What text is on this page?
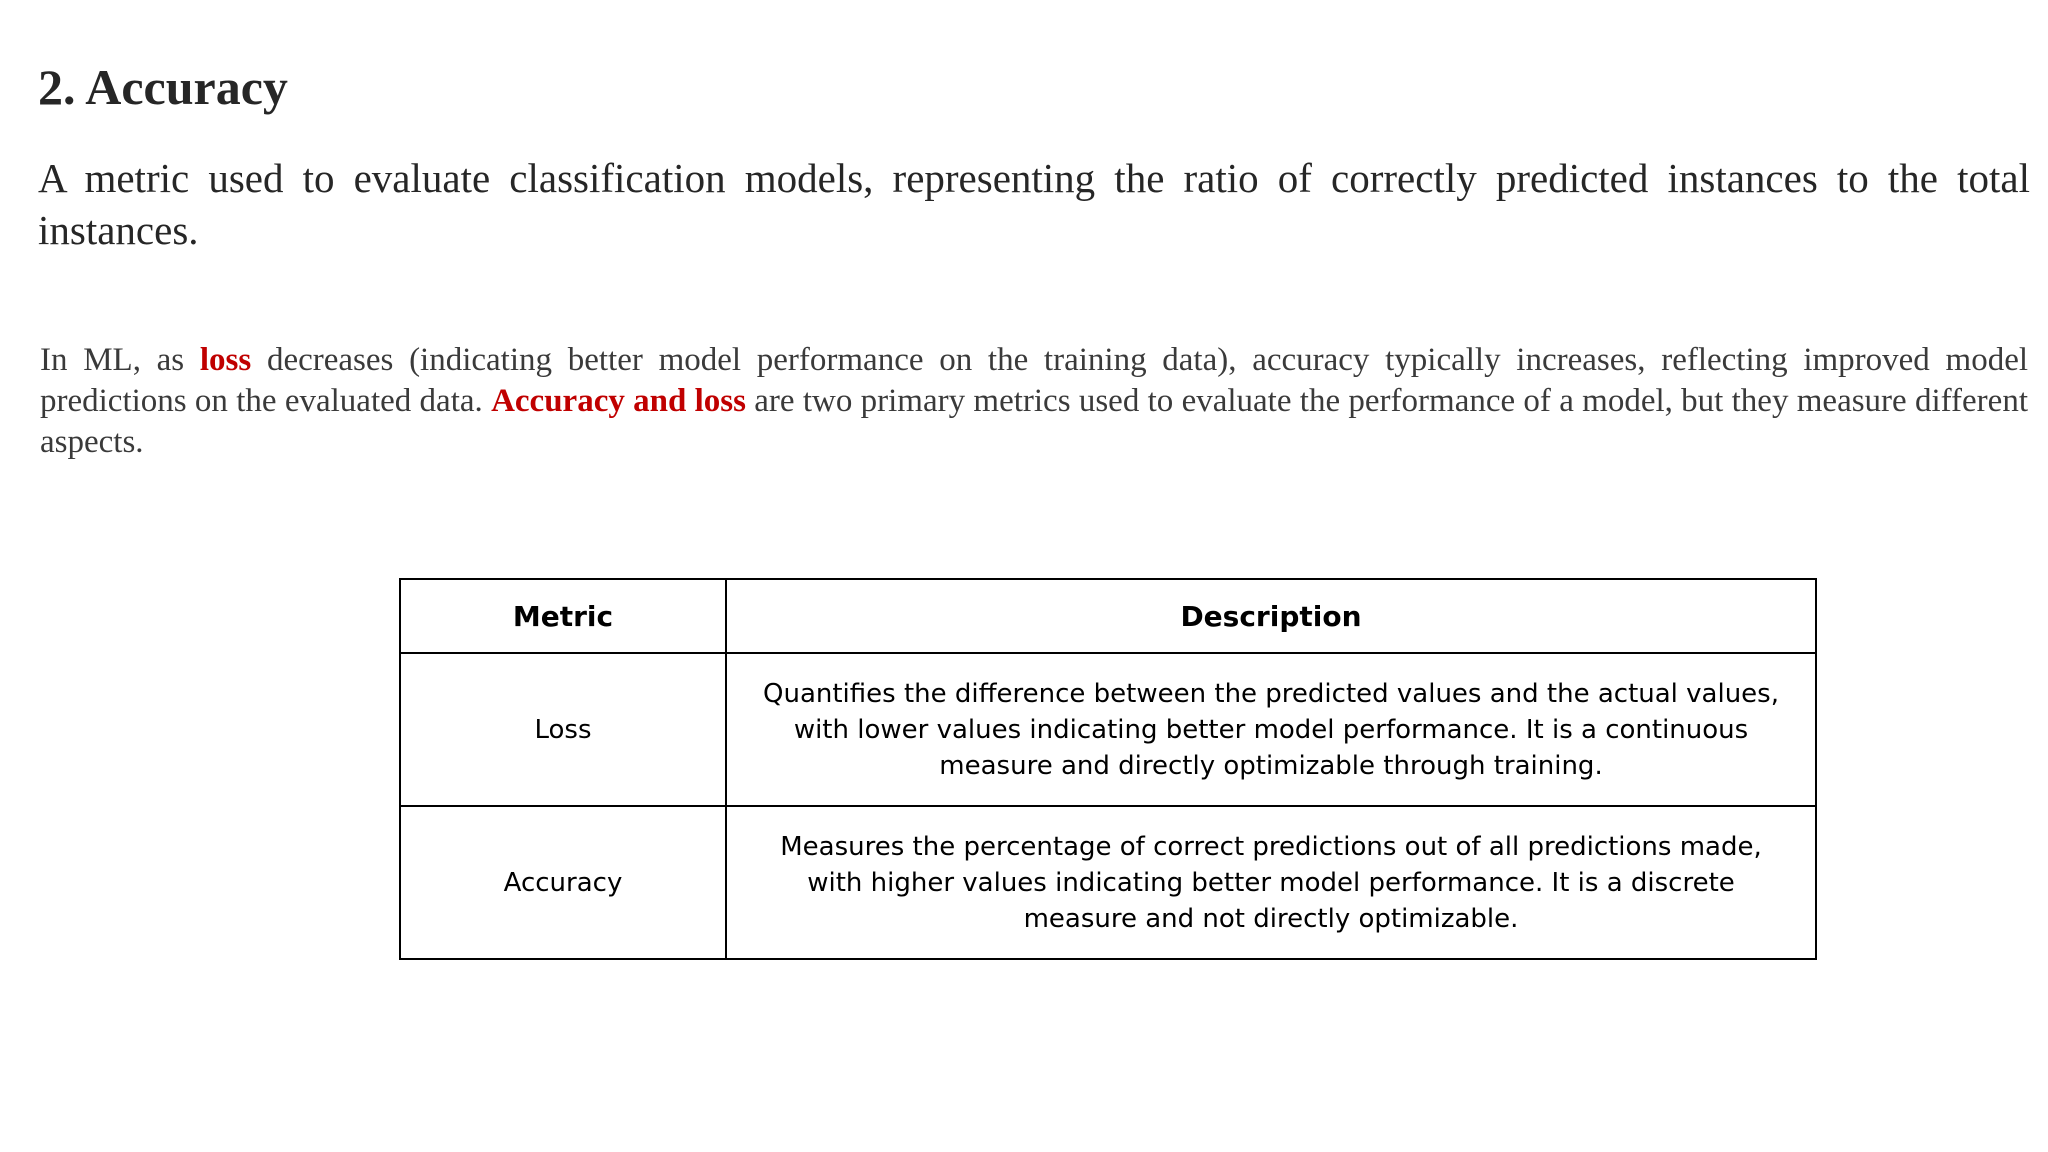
2. Accuracy

A metric used to evaluate classification models, representing the ratio of correctly predicted instances to the total instances.

In ML, as loss decreases (indicating better model performance on the training data), accuracy typically increases, reflecting improved model predictions on the evaluated data. Accuracy and loss are two primary metrics used to evaluate the performance of a model, but they measure different aspects.

Metric	Description
Loss	Quantifies the difference between the predicted values and the actual values, with lower values indicating better model performance. It is a continuous measure and directly optimizable through training.
Accuracy	Measures the percentage of correct predictions out of all predictions made, with higher values indicating better model performance. It is a discrete measure and not directly optimizable.
